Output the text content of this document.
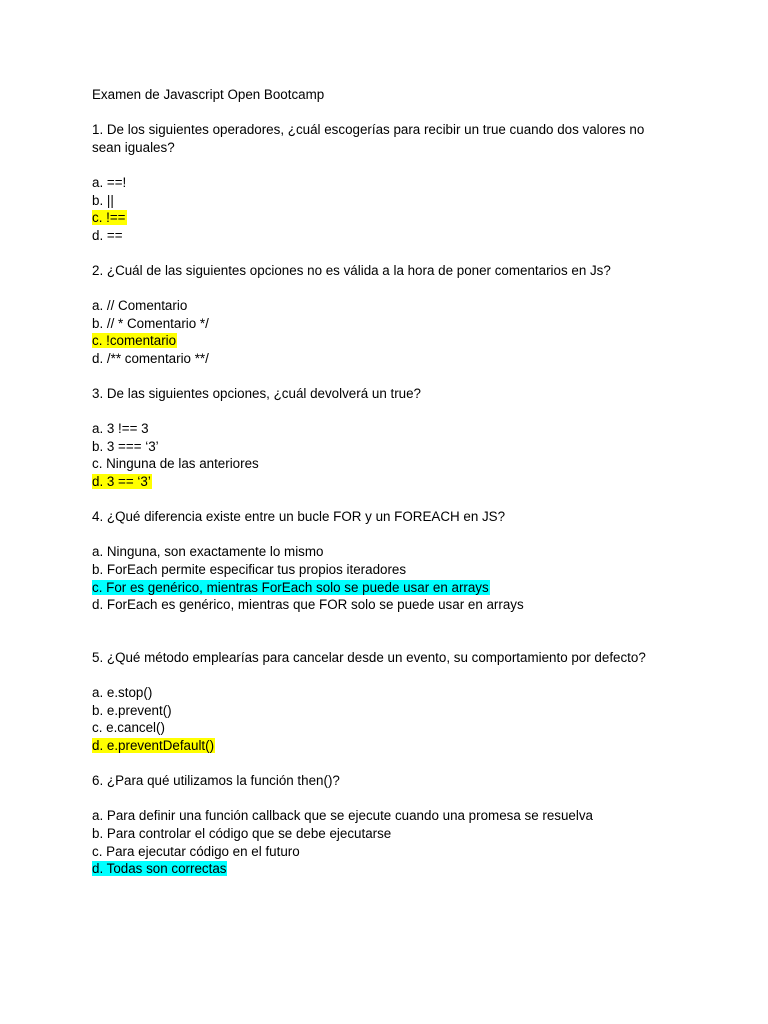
Examen de Javascript Open Bootcamp

1. De los siguientes operadores, ¿cuál escogerías para recibir un true cuando dos valores no sean iguales?

a. ==!

b. ||

c. !==

d. ==

2. ¿Cuál de las siguientes opciones no es válida a la hora de poner comentarios en Js?

a. // Comentario

b. // * Comentario */

c. !comentario

d. /** comentario **/

3. De las siguientes opciones, ¿cuál devolverá un true?

a. 3 !== 3

b. 3 === ‘3’

c. Ninguna de las anteriores

d. 3 == ‘3’

4. ¿Qué diferencia existe entre un bucle FOR y un FOREACH en JS?

a. Ninguna, son exactamente lo mismo

b. ForEach permite especificar tus propios iteradores

c. For es genérico, mientras ForEach solo se puede usar en arrays

d. ForEach es genérico, mientras que FOR solo se puede usar en arrays

5. ¿Qué método emplearías para cancelar desde un evento, su comportamiento por defecto?

a. e.stop()

b. e.prevent()

c. e.cancel()

d. e.preventDefault()

6. ¿Para qué utilizamos la función then()?

a. Para definir una función callback que se ejecute cuando una promesa se resuelva

b. Para controlar el código que se debe ejecutarse

c. Para ejecutar código en el futuro

d. Todas son correctas
